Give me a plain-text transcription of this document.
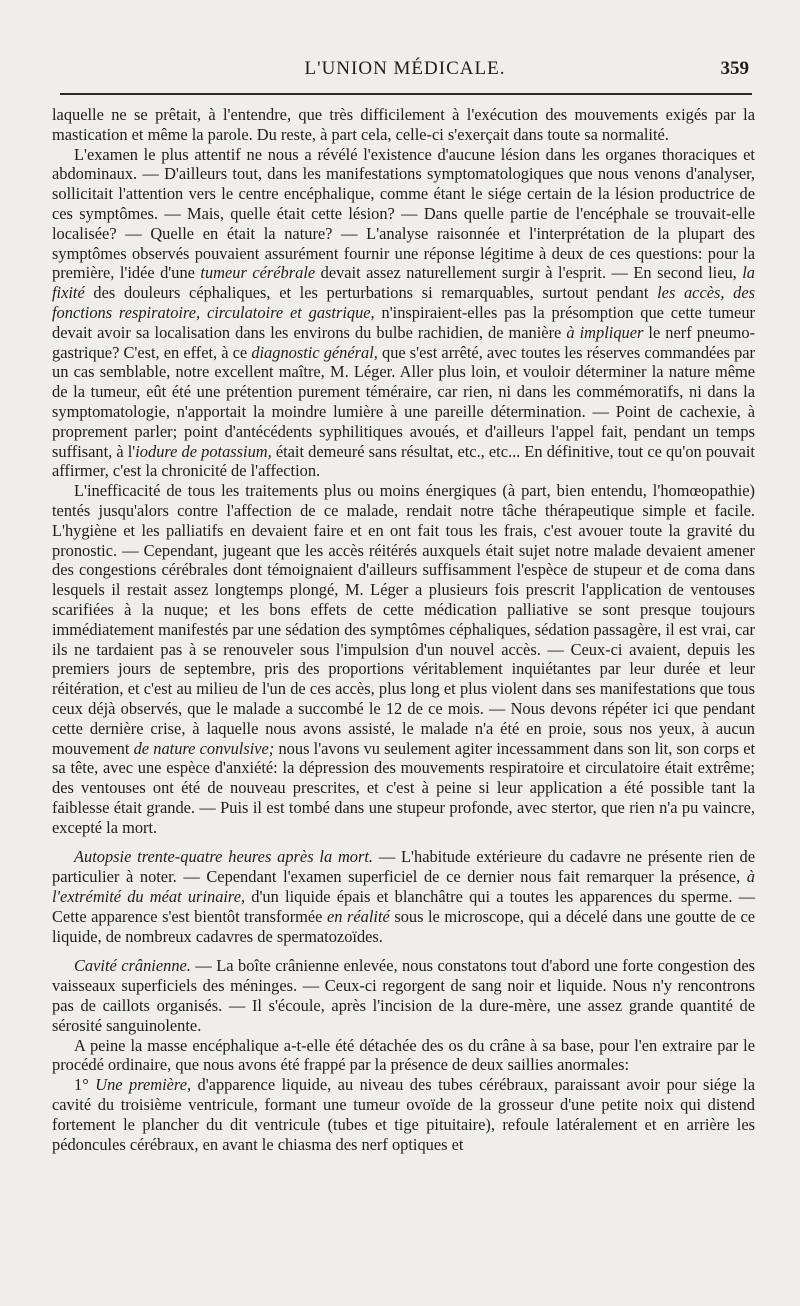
L'UNION MÉDICALE.	359

laquelle ne se prêtait, à l'entendre, que très difficilement à l'exécution des mouvements exigés par la mastication et même la parole. Du reste, à part cela, celle-ci s'exerçait dans toute sa normalité.

L'examen le plus attentif ne nous a révélé l'existence d'aucune lésion dans les organes thoraciques et abdominaux. — D'ailleurs tout, dans les manifestations symptomatologiques que nous venons d'analyser, sollicitait l'attention vers le centre encéphalique, comme étant le siége certain de la lésion productrice de ces symptômes. — Mais, quelle était cette lésion? — Dans quelle partie de l'encéphale se trouvait-elle localisée? — Quelle en était la nature? — L'analyse raisonnée et l'interprétation de la plupart des symptômes observés pouvaient assurément fournir une réponse légitime à deux de ces questions: pour la première, l'idée d'une tumeur cérébrale devait assez naturellement surgir à l'esprit. — En second lieu, la fixité des douleurs céphaliques, et les perturbations si remarquables, surtout pendant les accès, des fonctions respiratoire, circulatoire et gastrique, n'inspiraient-elles pas la présomption que cette tumeur devait avoir sa localisation dans les environs du bulbe rachidien, de manière à impliquer le nerf pneumo-gastrique? C'est, en effet, à ce diagnostic général, que s'est arrêté, avec toutes les réserves commandées par un cas semblable, notre excellent maître, M. Léger. Aller plus loin, et vouloir déterminer la nature même de la tumeur, eût été une prétention purement téméraire, car rien, ni dans les commémoratifs, ni dans la symptomatologie, n'apportait la moindre lumière à une pareille détermination. — Point de cachexie, à proprement parler; point d'antécédents syphilitiques avoués, et d'ailleurs l'appel fait, pendant un temps suffisant, à l'iodure de potassium, était demeuré sans résultat, etc., etc... En définitive, tout ce qu'on pouvait affirmer, c'est la chronicité de l'affection.

L'inefficacité de tous les traitements plus ou moins énergiques (à part, bien entendu, l'homœopathie) tentés jusqu'alors contre l'affection de ce malade, rendait notre tâche thérapeutique simple et facile. L'hygiène et les palliatifs en devaient faire et en ont fait tous les frais, c'est avouer toute la gravité du pronostic. — Cependant, jugeant que les accès réitérés auxquels était sujet notre malade devaient amener des congestions cérébrales dont témoignaient d'ailleurs suffisamment l'espèce de stupeur et de coma dans lesquels il restait assez longtemps plongé, M. Léger a plusieurs fois prescrit l'application de ventouses scarifiées à la nuque; et les bons effets de cette médication palliative se sont presque toujours immédiatement manifestés par une sédation des symptômes céphaliques, sédation passagère, il est vrai, car ils ne tardaient pas à se renouveler sous l'impulsion d'un nouvel accès. — Ceux-ci avaient, depuis les premiers jours de septembre, pris des proportions véritablement inquiétantes par leur durée et leur réitération, et c'est au milieu de l'un de ces accès, plus long et plus violent dans ses manifestations que tous ceux déjà observés, que le malade a succombé le 12 de ce mois. — Nous devons répéter ici que pendant cette dernière crise, à laquelle nous avons assisté, le malade n'a été en proie, sous nos yeux, à aucun mouvement de nature convulsive; nous l'avons vu seulement agiter incessamment dans son lit, son corps et sa tête, avec une espèce d'anxiété: la dépression des mouvements respiratoire et circulatoire était extrême; des ventouses ont été de nouveau prescrites, et c'est à peine si leur application a été possible tant la faiblesse était grande. — Puis il est tombé dans une stupeur profonde, avec stertor, que rien n'a pu vaincre, excepté la mort.

Autopsie trente-quatre heures après la mort. — L'habitude extérieure du cadavre ne présente rien de particulier à noter. — Cependant l'examen superficiel de ce dernier nous fait remarquer la présence, à l'extrémité du méat urinaire, d'un liquide épais et blanchâtre qui a toutes les apparences du sperme. — Cette apparence s'est bientôt transformée en réalité sous le microscope, qui a décelé dans une goutte de ce liquide, de nombreux cadavres de spermatozoïdes.

Cavité crânienne. — La boîte crânienne enlevée, nous constatons tout d'abord une forte congestion des vaisseaux superficiels des méninges. — Ceux-ci regorgent de sang noir et liquide. Nous n'y rencontrons pas de caillots organisés. — Il s'écoule, après l'incision de la dure-mère, une assez grande quantité de sérosité sanguinolente.

A peine la masse encéphalique a-t-elle été détachée des os du crâne à sa base, pour l'en extraire par le procédé ordinaire, que nous avons été frappé par la présence de deux saillies anormales:

1° Une première, d'apparence liquide, au niveau des tubes cérébraux, paraissant avoir pour siége la cavité du troisième ventricule, formant une tumeur ovoïde de la grosseur d'une petite noix qui distend fortement le plancher du dit ventricule (tubes et tige pituitaire), refoule latéralement et en arrière les pédoncules cérébraux, en avant le chiasma des nerf optiques et
